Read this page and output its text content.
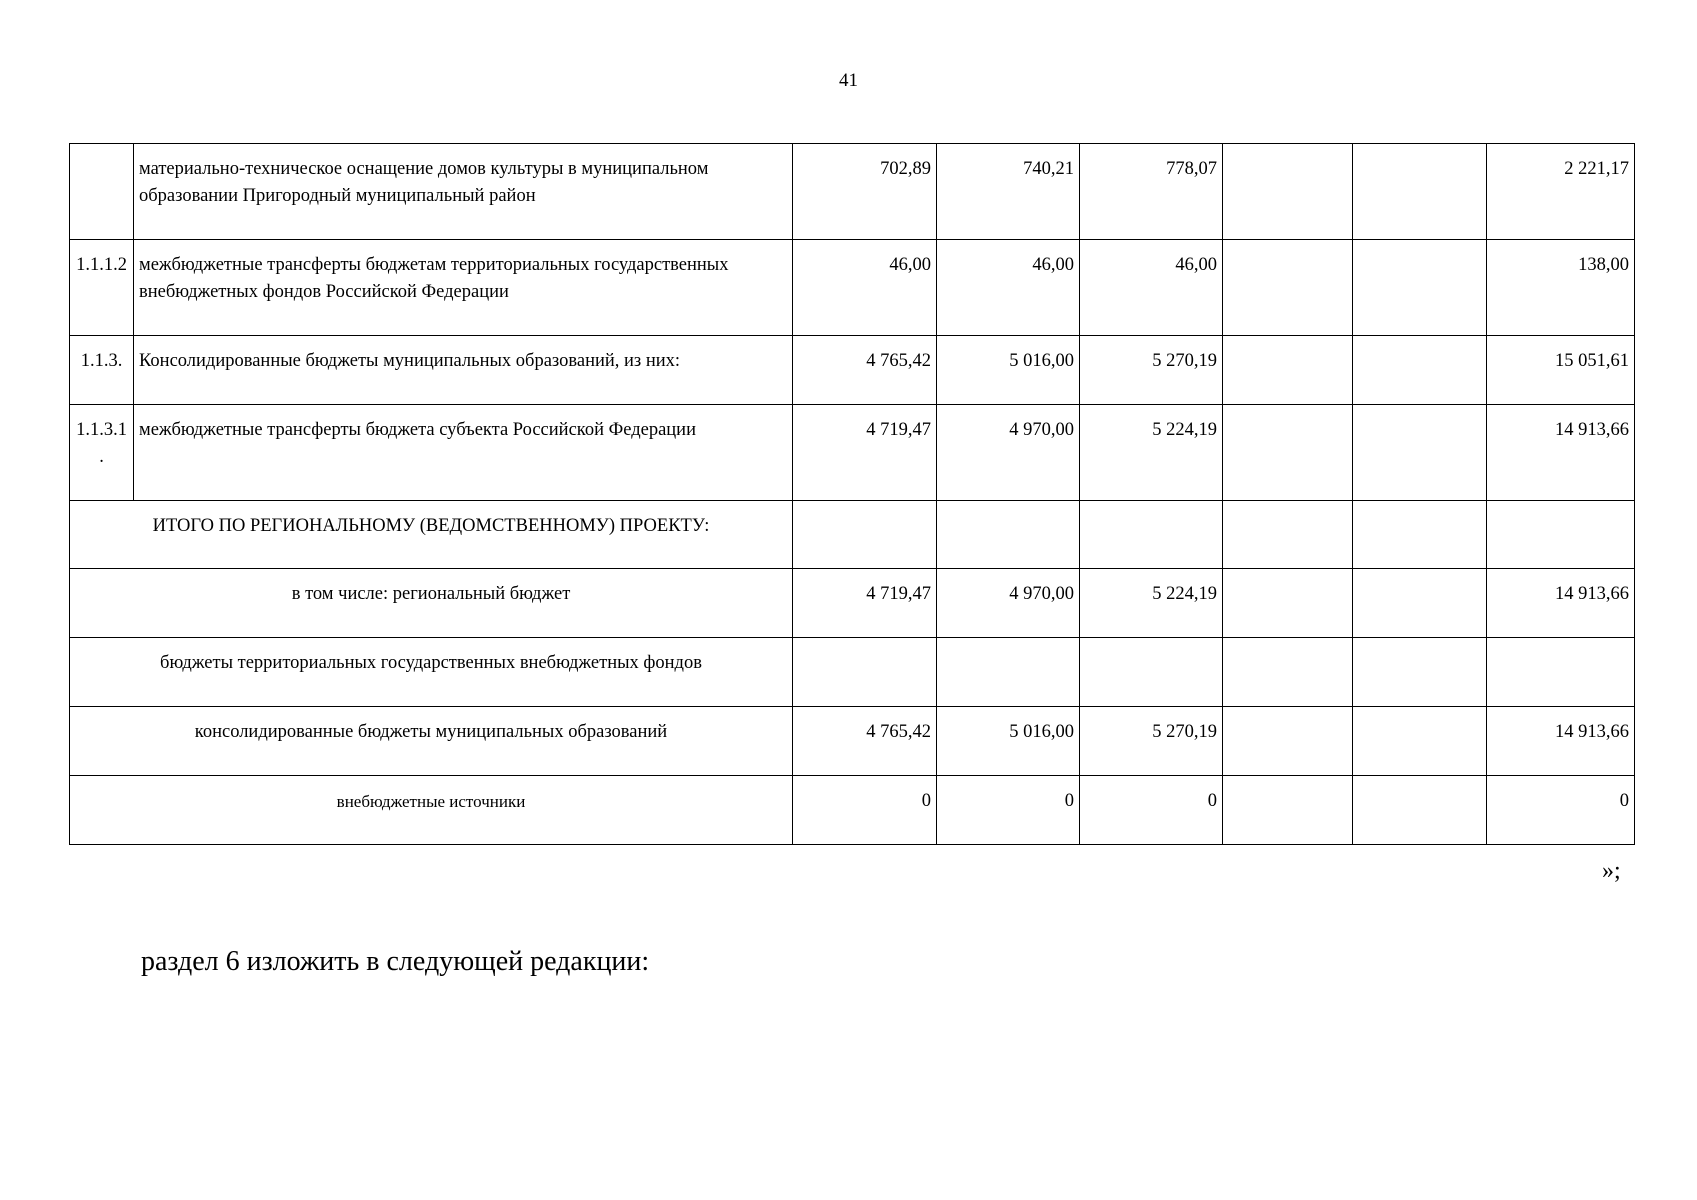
41
	материально-техническое оснащение домов культуры в муниципальном образовании Пригородный муниципальный район	702,89	740,21	778,07			2 221,17
1.1.1.2	межбюджетные трансферты бюджетам территориальных государственных внебюджетных фондов Российской Федерации	46,00	46,00	46,00			138,00
1.1.3.	Консолидированные бюджеты муниципальных образований, из них:	4 765,42	5 016,00	5 270,19			15 051,61
1.1.3.1 .	межбюджетные трансферты бюджета субъекта Российской Федерации	4 719,47	4 970,00	5 224,19			14 913,66
ИТОГО ПО РЕГИОНАЛЬНОМУ (ВЕДОМСТВЕННОМУ) ПРОЕКТУ:							
в том числе: региональный бюджет		4 719,47	4 970,00	5 224,19			14 913,66
бюджеты территориальных государственных внебюджетных фондов							
консолидированные бюджеты муниципальных образований		4 765,42	5 016,00	5 270,19			14 913,66
внебюджетные источники		0	0	0			0
»;
раздел 6 изложить в следующей редакции:
